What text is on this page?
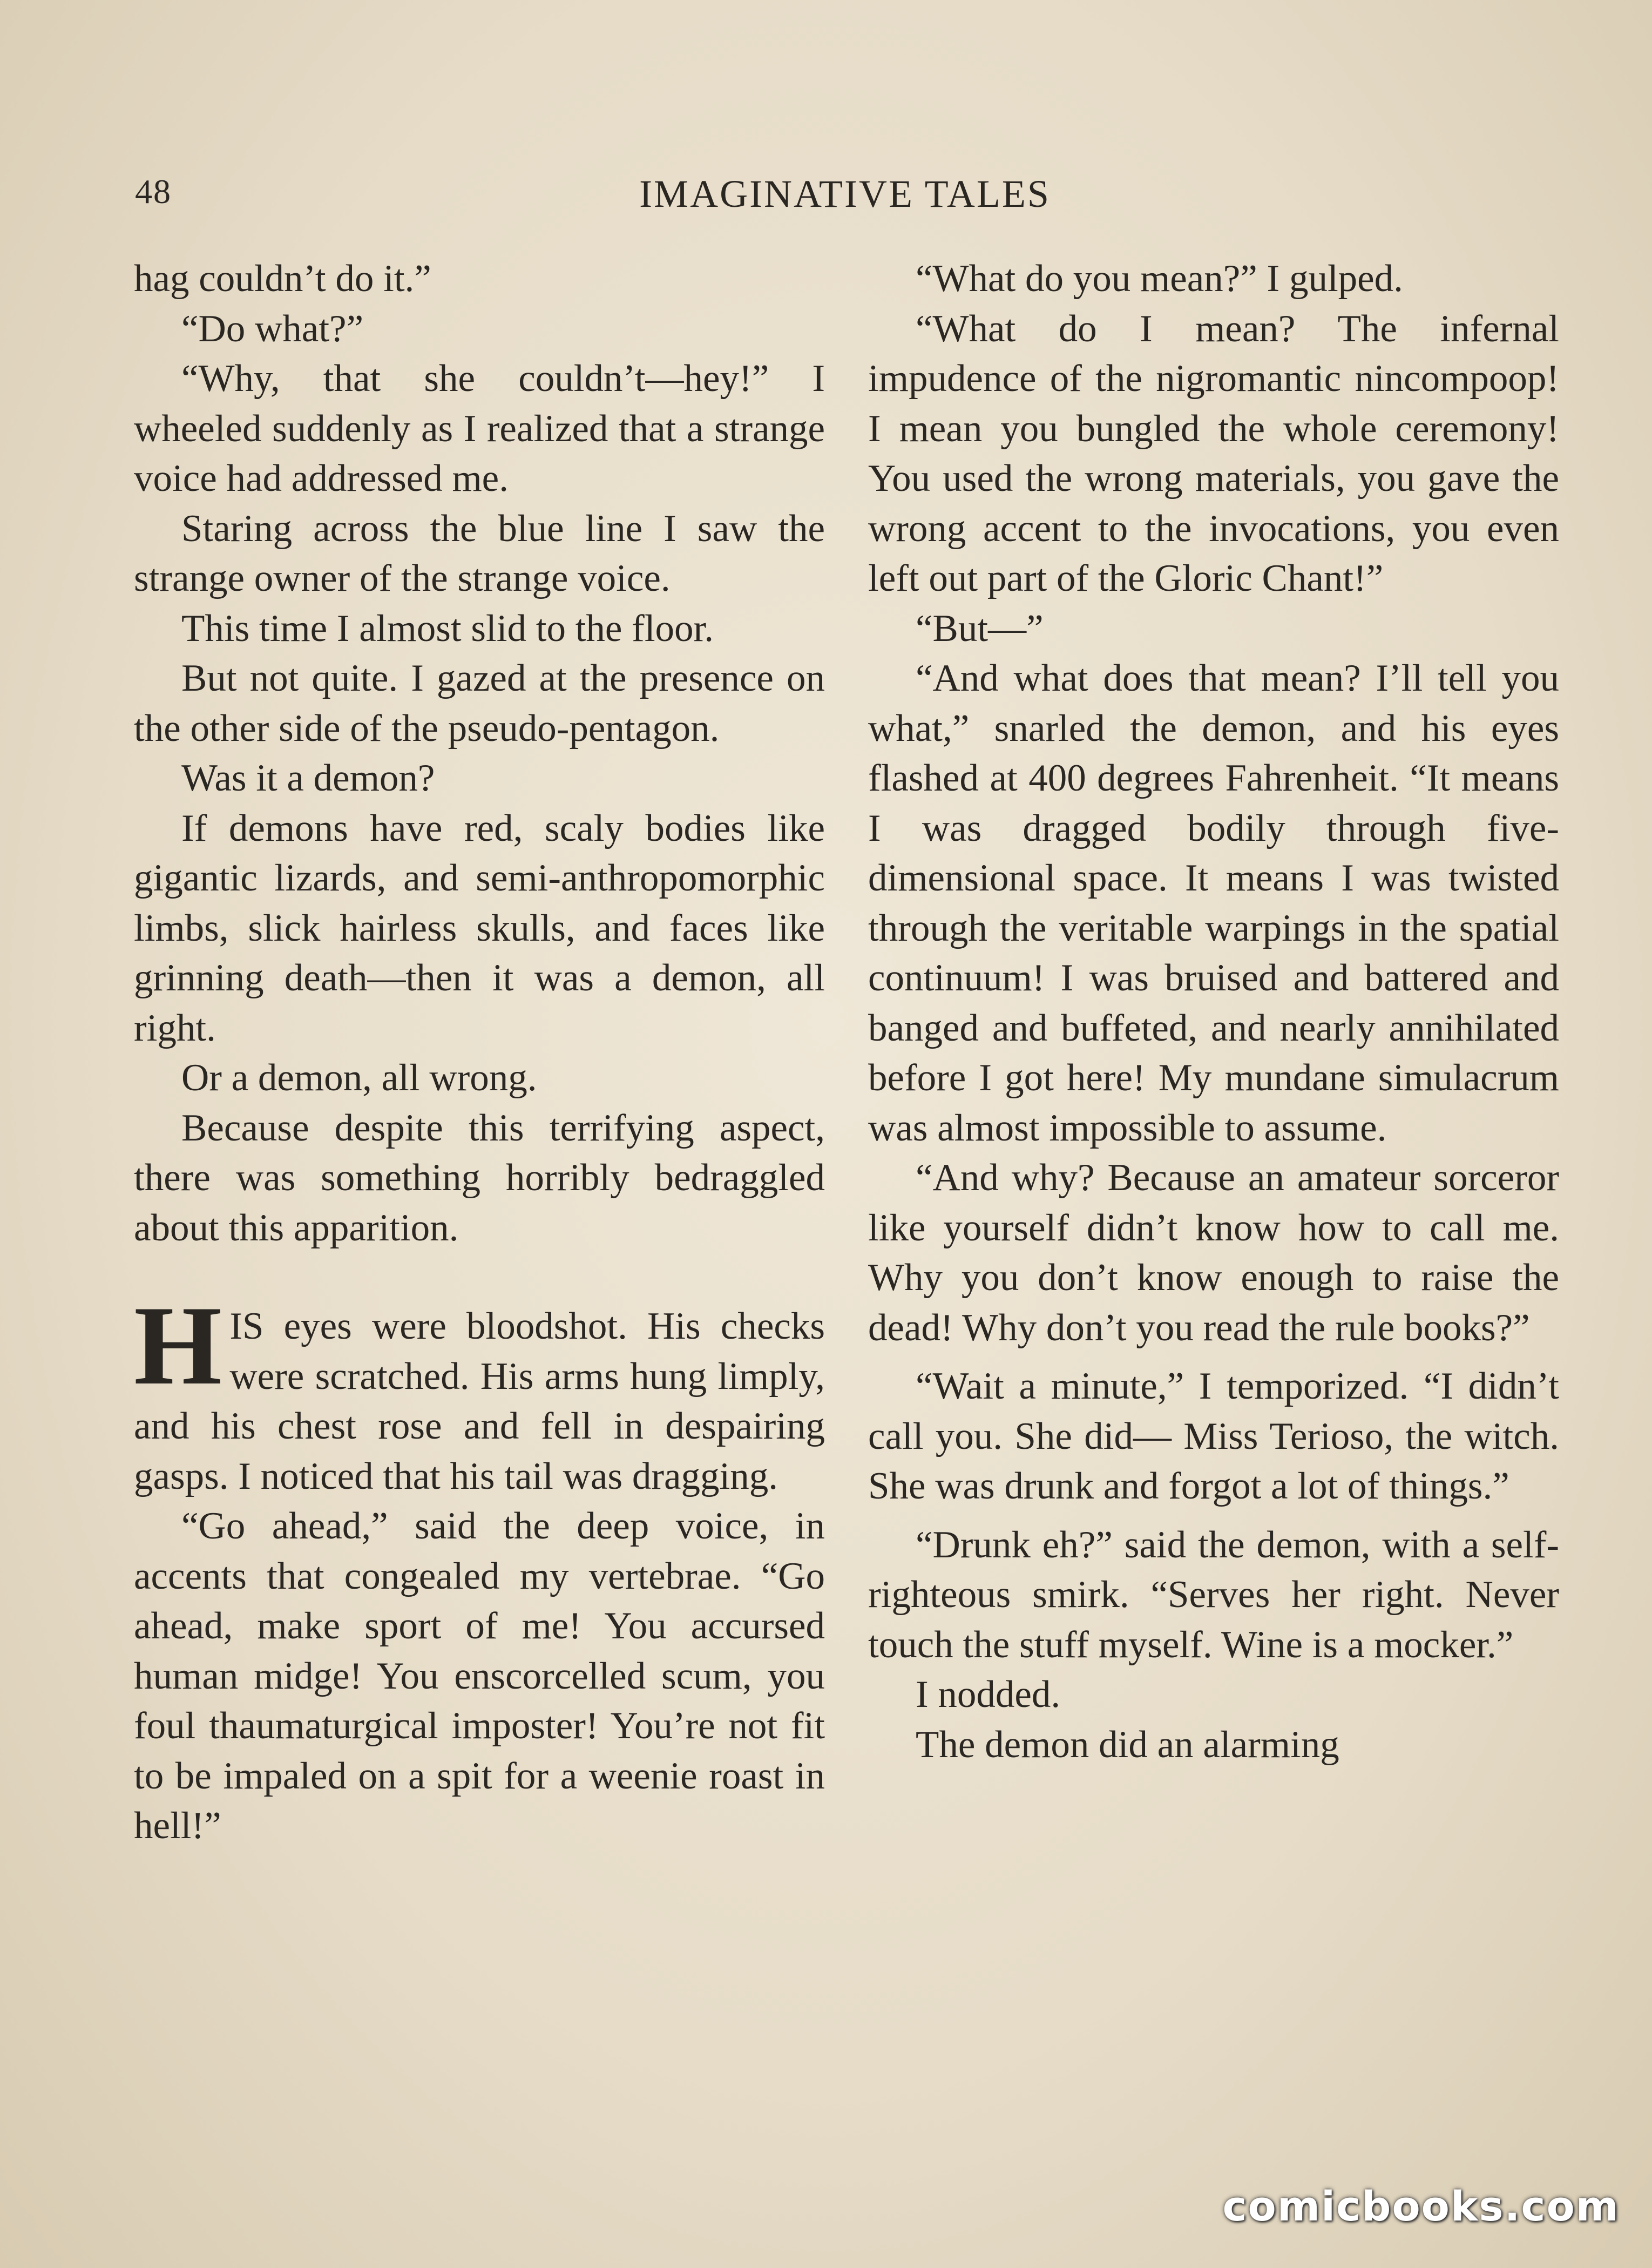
48	IMAGINATIVE TALES

hag couldn’t do it.”

“Do what?”

“Why, that she couldn’t—hey!” I wheeled suddenly as I realized that a strange voice had addressed me.

Staring across the blue line I saw the strange owner of the strange voice.

This time I almost slid to the floor.

But not quite. I gazed at the presence on the other side of the pseudo-pentagon.

Was it a demon?

If demons have red, scaly bodies like gigantic lizards, and semi-anthropomorphic limbs, slick hairless skulls, and faces like grinning death—then it was a demon, all right.

Or a demon, all wrong.

Because despite this terrifying aspect, there was something horribly bedraggled about this apparition.

HIS eyes were bloodshot. His checks were scratched. His arms hung limply, and his chest rose and fell in despairing gasps. I noticed that his tail was dragging.

“Go ahead,” said the deep voice, in accents that congealed my vertebrae. “Go ahead, make sport of me! You accursed human midge! You enscorcelled scum, you foul thaumaturgical imposter! You’re not fit to be impaled on a spit for a weenie roast in hell!”

“What do you mean?” I gulped.

“What do I mean? The infernal impudence of the nigromantic nincompoop! I mean you bungled the whole ceremony! You used the wrong materials, you gave the wrong accent to the invocations, you even left out part of the Gloric Chant!”

“But—”

“And what does that mean? I’ll tell you what,” snarled the demon, and his eyes flashed at 400 degrees Fahrenheit. “It means I was dragged bodily through five-dimensional space. It means I was twisted through the veritable warpings in the spatial continuum! I was bruised and battered and banged and buffeted, and nearly annihilated before I got here! My mundane simulacrum was almost impossible to assume.

“And why? Because an amateur sorceror like yourself didn’t know how to call me. Why you don’t know enough to raise the dead! Why don’t you read the rule books?”

“Wait a minute,” I temporized. “I didn’t call you. She did— Miss Terioso, the witch. She was drunk and forgot a lot of things.”

“Drunk eh?” said the demon, with a self-righteous smirk. “Serves her right. Never touch the stuff myself. Wine is a mocker.”

I nodded.

The demon did an alarming

comicbooks.com
